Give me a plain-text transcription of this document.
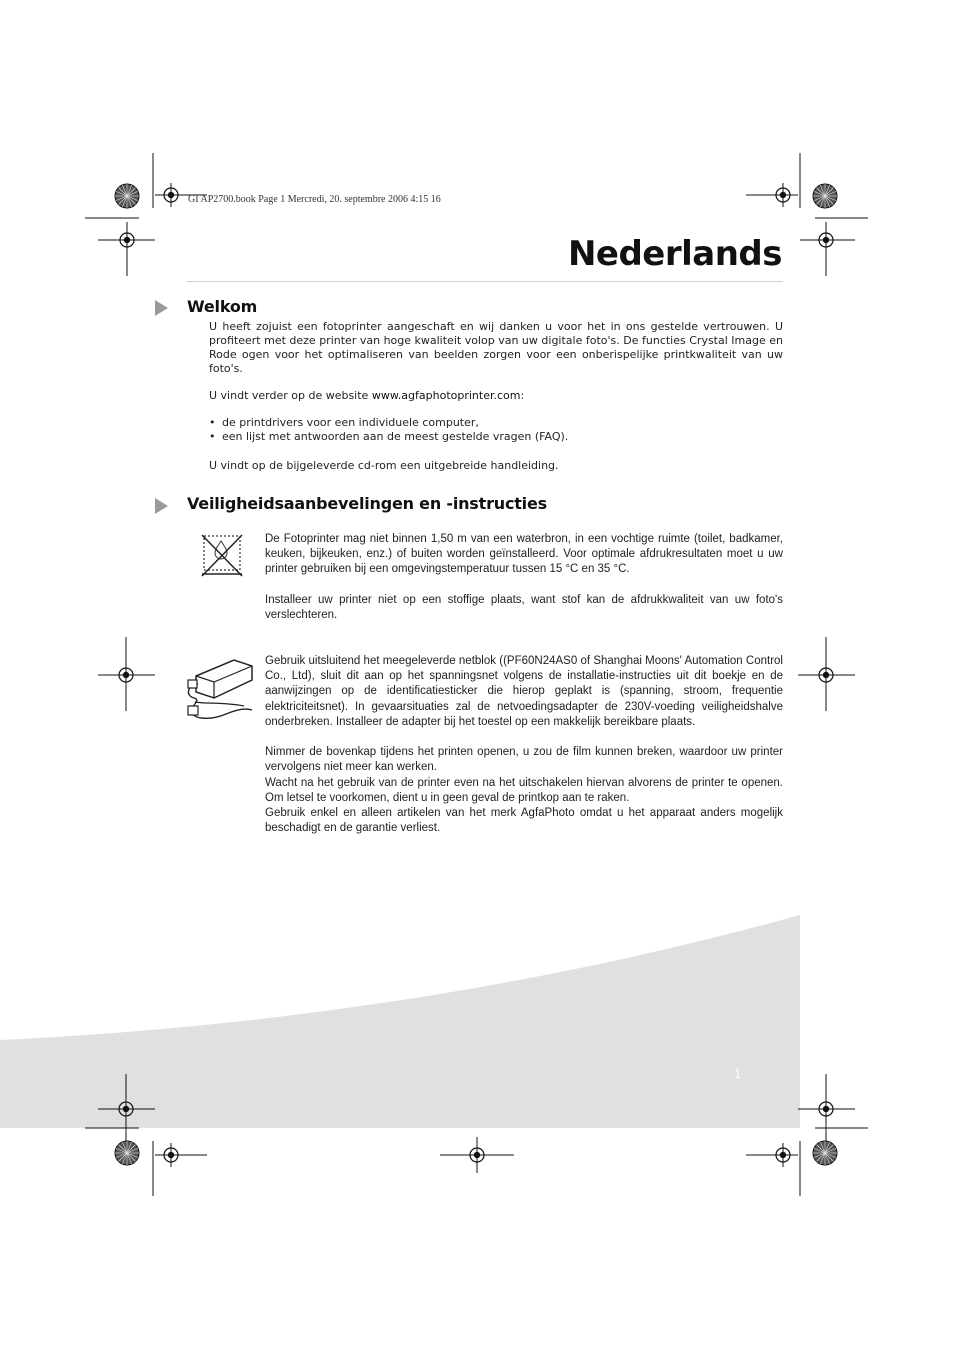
1
GI AP2700.book Page 1 Mercredi, 20. septembre 2006 4:15 16
Nederlands
Welkom
U heeft zojuist een fotoprinter aangeschaft en wij danken u voor het in ons gestelde vertrouwen. U profiteert met deze printer van hoge kwaliteit volop van uw digitale foto's. De functies Crystal Image en Rode ogen voor het optimaliseren van beelden zorgen voor een onberispelijke printkwaliteit van uw foto's.
U vindt verder op de website www.agfaphotoprinter.com:
• de printdrivers voor een individuele computer,
• een lijst met antwoorden aan de meest gestelde vragen (FAQ).
U vindt op de bijgeleverde cd-rom een uitgebreide handleiding.
Veiligheidsaanbevelingen en -instructies
De Fotoprinter mag niet binnen 1,50 m van een waterbron, in een vochtige ruimte (toilet, badkamer, keuken, bijkeuken, enz.) of buiten worden geïnstalleerd. Voor optimale afdrukresultaten moet u uw printer gebruiken bij een omgevingstemperatuur tussen 15 °C en 35 °C.
Installeer uw printer niet op een stoffige plaats, want stof kan de afdrukkwaliteit van uw foto's verslechteren.
Gebruik uitsluitend het meegeleverde netblok ((PF60N24AS0 of Shanghai Moons' Automation Control Co., Ltd), sluit dit aan op het spanningsnet volgens de installatie-instructies uit dit boekje en de aanwijzingen op de identificatiesticker die hierop geplakt is (spanning, stroom, frequentie elektriciteitsnet). In gevaarsituaties zal de netvoedingsadapter de 230V-voeding veiligheidshalve onderbreken. Installeer de adapter bij het toestel op een makkelijk bereikbare plaats.
Nimmer de bovenkap tijdens het printen openen, u zou de film kunnen breken, waardoor uw printer vervolgens niet meer kan werken.
Wacht na het gebruik van de printer even na het uitschakelen hiervan alvorens de printer te openen. Om letsel te voorkomen, dient u in geen geval de printkop aan te raken.
Gebruik enkel en alleen artikelen van het merk AgfaPhoto omdat u het apparaat anders mogelijk beschadigt en de garantie verliest.
